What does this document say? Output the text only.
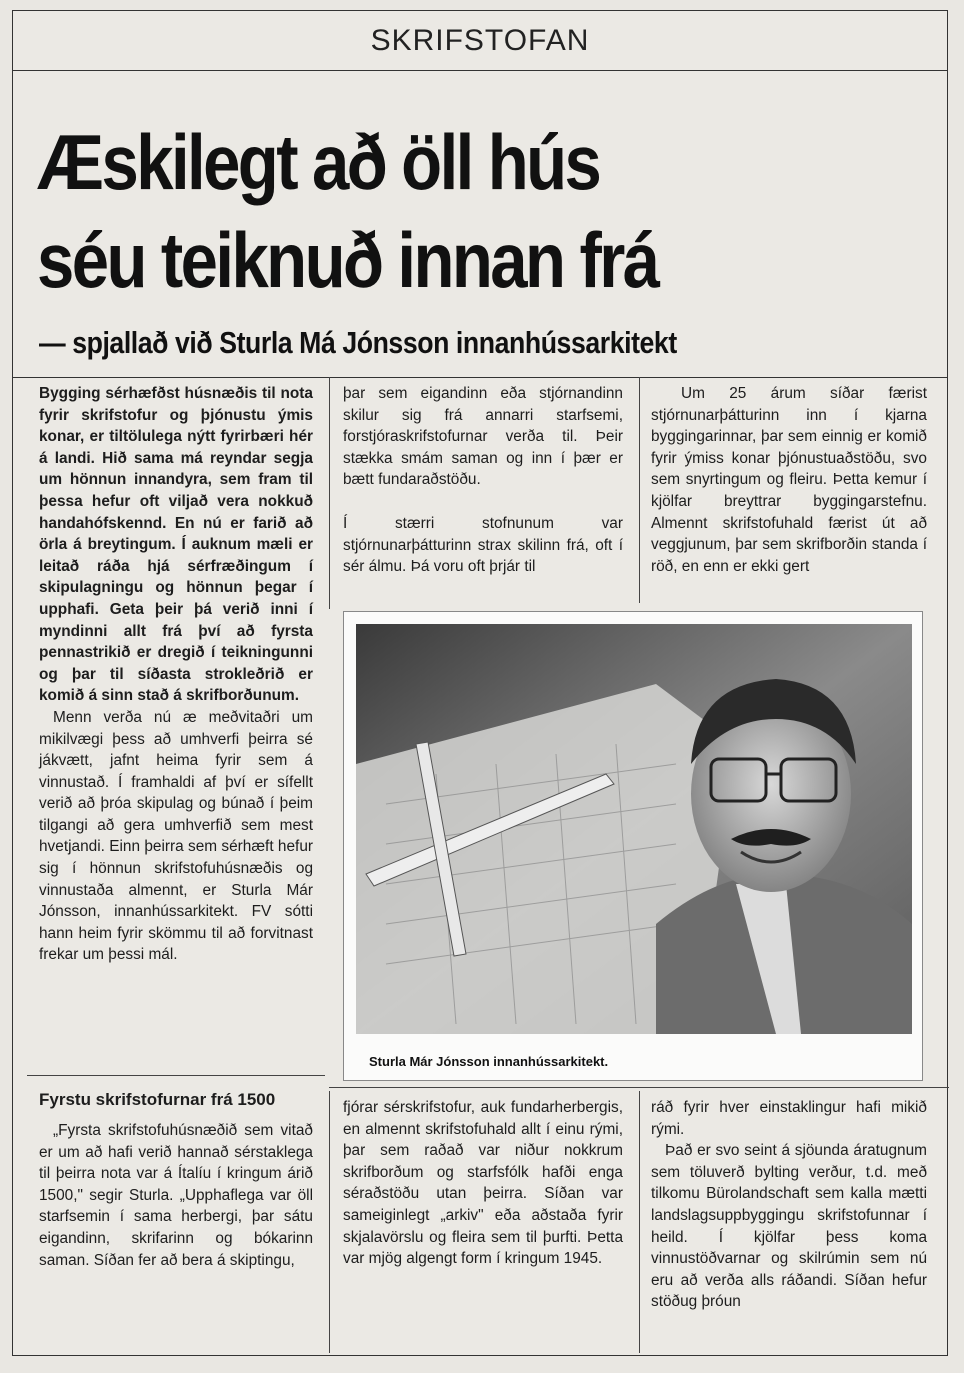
SKRIFSTOFAN
Æskilegt að öll hús
séu teiknuð innan frá
— spjallað við Sturla Má Jónsson innanhússarkitekt

Bygging sérhæfðst húsnæðis til nota fyrir skrifstofur og þjónustu ýmis konar, er tiltölulega nýtt fyrirbæri hér á landi. Hið sama má reyndar segja um hönnun innandyra, sem fram til þessa hefur oft viljað vera nokkuð handahófskennd. En nú er farið að örla á breytingum. Í auknum mæli er leitað ráða hjá sérfræðingum í skipulagningu og hönnun þegar í upphafi. Geta þeir þá verið inni í myndinni allt frá því að fyrsta pennastrikið er dregið í teikningunni og þar til síðasta strokleðrið er komið á sinn stað á skrifborðunum.

Menn verða nú æ meðvitaðri um mikilvægi þess að umhverfi þeirra sé jákvætt, jafnt heima fyrir sem á vinnustað. Í framhaldi af því er sífellt verið að þróa skipulag og búnað í þeim tilgangi að gera umhverfið sem mest hvetjandi. Einn þeirra sem sérhæft hefur sig í hönnun skrifstofuhúsnæðis og vinnustaða almennt, er Sturla Már Jónsson, innanhússarkitekt. FV sótti hann heim fyrir skömmu til að forvitnast frekar um þessi mál.

Fyrstu skrifstofurnar frá 1500

„Fyrsta skrifstofuhúsnæðið sem vitað er um að hafi verið hannað sérstaklega til þeirra nota var á Ítalíu í kringum árið 1500," segir Sturla. „Upphaflega var öll starfsemin í sama herbergi, þar sátu eigandinn, skrifarinn og bókarinn saman. Síðan fer að bera á skiptingu,

þar sem eigandinn eða stjórnandinn skilur sig frá annarri starfsemi, forstjóraskrifstofurnar verða til. Þeir stækka smám saman og inn í þær er bætt fundaraðstöðu.

Í stærri stofnunum var stjórnunarþátturinn strax skilinn frá, oft í sér álmu. Þá voru oft þrjár til

Um 25 árum síðar færist stjórnunarþátturinn inn í kjarna byggingarinnar, þar sem einnig er komið fyrir ýmiss konar þjónustuaðstöðu, svo sem snyrtingum og fleiru. Þetta kemur í kjölfar breyttrar byggingarstefnu. Almennt skrifstofuhald færist út að veggjunum, þar sem skrifborðin standa í röð, en enn er ekki gert

Sturla Már Jónsson innanhússarkitekt.

fjórar sérskrifstofur, auk fundarherbergis, en almennt skrifstofuhald allt í einu rými, þar sem raðað var niður nokkrum skrifborðum og starfsfólk hafði enga séraðstöðu utan þeirra. Síðan var sameiginlegt „arkiv" eða aðstaða fyrir skjalavörslu og fleira sem til þurfti. Þetta var mjög algengt form í kringum 1945.

ráð fyrir hver einstaklingur hafi mikið rými.

Það er svo seint á sjöunda áratugnum sem töluverð bylting verður, t.d. með tilkomu Bürolandschaft sem kalla mætti landslagsuppbyggingu skrifstofunnar í heild. Í kjölfar þess koma vinnustöðvarnar og skilrúmin sem nú eru að verða alls ráðandi. Síðan hefur stöðug þróun
